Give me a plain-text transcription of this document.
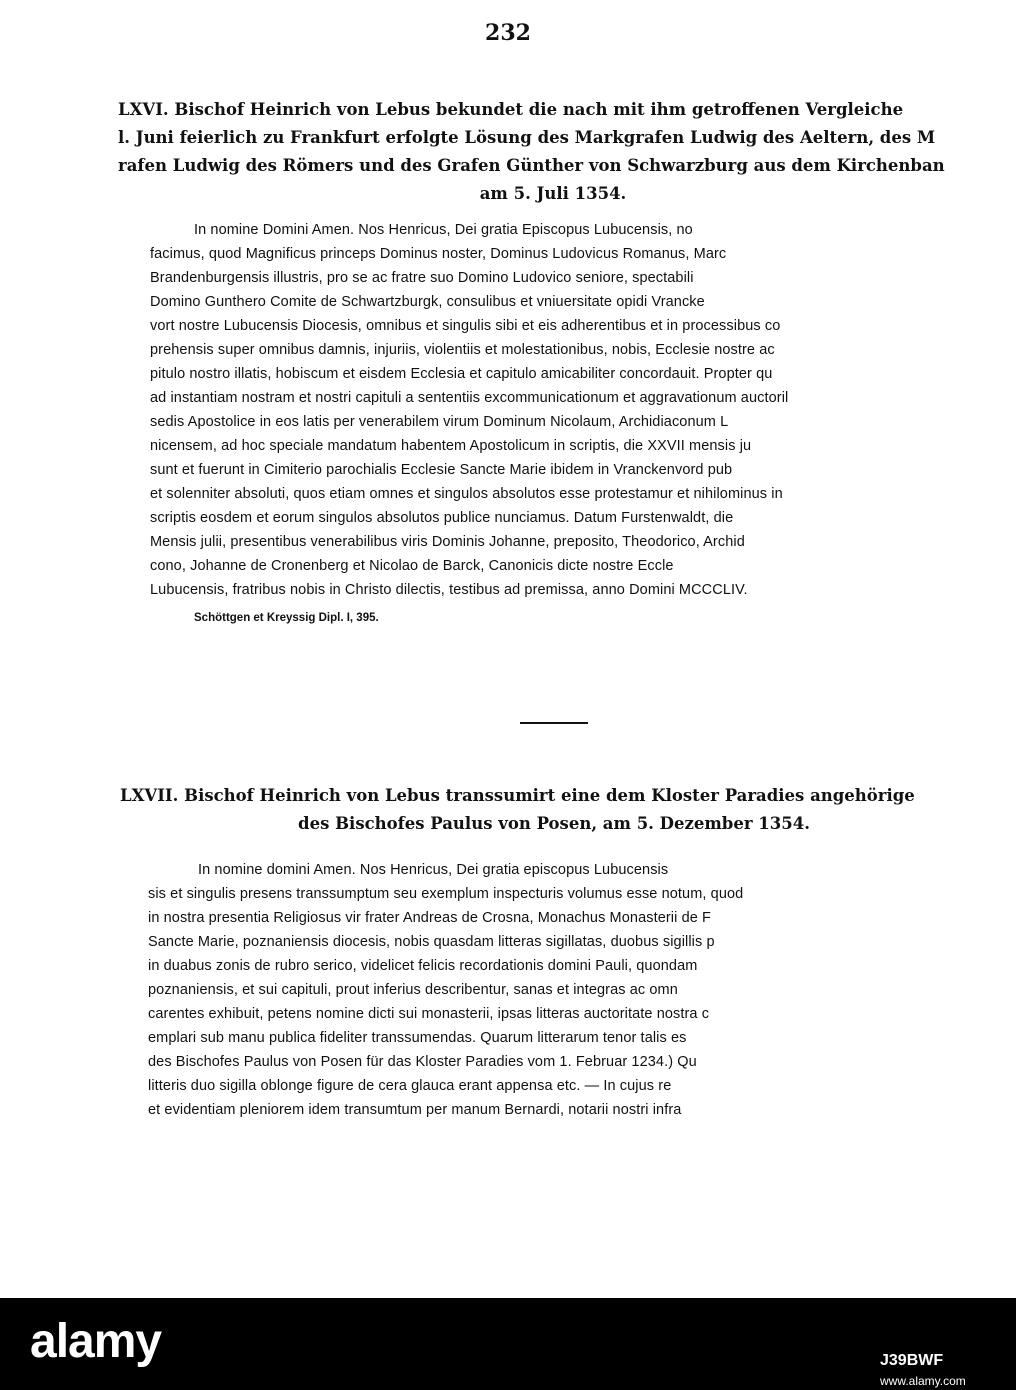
232
LXVI. Bischof Heinrich von Lebus bekundet die nach mit ihm getroffenen Vergleiche
l. Juni feierlich zu Frankfurt erfolgte Lösung des Markgrafen Ludwig des Aeltern, des M
rafen Ludwig des Römers und des Grafen Günther von Schwarzburg aus dem Kirchenban
am 5. Juli 1354.
In nomine Domini Amen. Nos Henricus, Dei gratia Episcopus Lubucensis, no
facimus, quod Magnificus princeps Dominus noster, Dominus Ludovicus Romanus, Marc
Brandenburgensis illustris, pro se ac fratre suo Domino Ludovico seniore, spectabili
Domino Gunthero Comite de Schwartzburgk, consulibus et vniuersitate opidi Vrancke
vort nostre Lubucensis Diocesis, omnibus et singulis sibi et eis adherentibus et in processibus co
prehensis super omnibus damnis, injuriis, violentiis et molestationibus, nobis, Ecclesie nostre ac
pitulo nostro illatis, hobiscum et eisdem Ecclesia et capitulo amicabiliter concordauit. Propter qu
ad instantiam nostram et nostri capituli a sententiis excommunicationum et aggravationum auctoril
sedis Apostolice in eos latis per venerabilem virum Dominum Nicolaum, Archidiaconum L
nicensem, ad hoc speciale mandatum habentem Apostolicum in scriptis, die XXVII mensis ju
sunt et fuerunt in Cimiterio parochialis Ecclesie Sancte Marie ibidem in Vranckenvord pub
et solenniter absoluti, quos etiam omnes et singulos absolutos esse protestamur et nihilominus in
scriptis eosdem et eorum singulos absolutos publice nunciamus. Datum Furstenwaldt, die
Mensis julii, presentibus venerabilibus viris Dominis Johanne, preposito, Theodorico, Archid
cono, Johanne de Cronenberg et Nicolao de Barck, Canonicis dicte nostre Eccle
Lubucensis, fratribus nobis in Christo dilectis, testibus ad premissa, anno Domini MCCCLIV.
Schöttgen et Kreyssig Dipl. I, 395.
LXVII. Bischof Heinrich von Lebus transsumirt eine dem Kloster Paradies angehörige
des Bischofes Paulus von Posen, am 5. Dezember 1354.
In nomine domini Amen. Nos Henricus, Dei gratia episcopus Lubucensis
sis et singulis presens transsumptum seu exemplum inspecturis volumus esse notum, quod
in nostra presentia Religiosus vir frater Andreas de Crosna, Monachus Monasterii de F
Sancte Marie, poznaniensis diocesis, nobis quasdam litteras sigillatas, duobus sigillis p
in duabus zonis de rubro serico, videlicet felicis recordationis domini Pauli, quondam
poznaniensis, et sui capituli, prout inferius describentur, sanas et integras ac omn
carentes exhibuit, petens nomine dicti sui monasterii, ipsas litteras auctoritate nostra c
emplari sub manu publica fideliter transsumendas. Quarum litterarum tenor talis es
des Bischofes Paulus von Posen für das Kloster Paradies vom 1. Februar 1234.) Qu
litteris duo sigilla oblonge figure de cera glauca erant appensa etc. — In cujus re
et evidentiam pleniorem idem transumtum per manum Bernardi, notarii nostri infra
alamy	J39BWF
www.alamy.com
